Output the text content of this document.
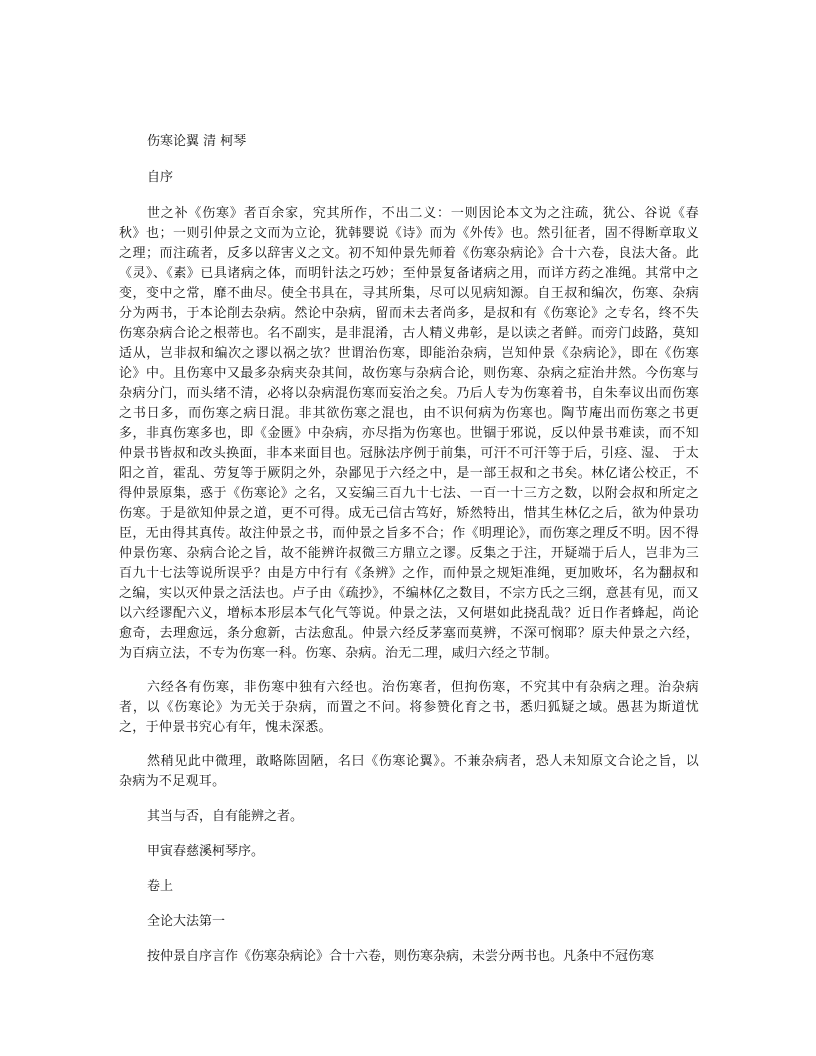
伤寒论翼 清 柯琴

自序

世之补《伤寒》者百余家，究其所作，不出二义：一则因论本文为之注疏，犹公、谷说《春秋》也；一则引仲景之文而为立论，犹韩婴说《诗》而为《外传》也。然引征者，固不得断章取义之理；而注疏者，反多以辞害义之文。初不知仲景先师着《伤寒杂病论》合十六卷，良法大备。此《灵》、《素》已具诸病之体，而明针法之巧妙；至仲景复备诸病之用，而详方药之准绳。其常中之变，变中之常，靡不曲尽。使全书具在，寻其所集，尽可以见病知源。自王叔和编次，伤寒、杂病分为两书，于本论削去杂病。然论中杂病，留而未去者尚多，是叔和有《伤寒论》之专名，终不失伤寒杂病合论之根蒂也。名不副实，是非混淆，古人精义弗彰，是以读之者鲜。而旁门歧路，莫知适从，岂非叔和编次之谬以祸之欤？世谓治伤寒，即能治杂病，岂知仲景《杂病论》，即在《伤寒论》中。且伤寒中又最多杂病夹杂其间，故伤寒与杂病合论，则伤寒、杂病之症治井然。今伤寒与杂病分门，而头绪不清，必将以杂病混伤寒而妄治之矣。乃后人专为伤寒着书，自朱奉议出而伤寒之书日多，而伤寒之病日混。非其欲伤寒之混也，由不识何病为伤寒也。陶节庵出而伤寒之书更多，非真伤寒多也，即《金匮》中杂病，亦尽指为伤寒也。世锢于邪说，反以仲景书难读，而不知仲景书皆叔和改头换面，非本来面目也。冠脉法序例于前集，可汗不可汗等于后，引痉、湿、 于太阳之首，霍乱、劳复等于厥阴之外，杂鄙见于六经之中，是一部王叔和之书矣。林亿诸公校正，不得仲景原集，惑于《伤寒论》之名，又妄编三百九十七法、一百一十三方之数，以附会叔和所定之伤寒。于是欲知仲景之道，更不可得。成无己信古笃好，矫然特出，惜其生林亿之后，欲为仲景功臣，无由得其真传。故注仲景之书，而仲景之旨多不合；作《明理论》，而伤寒之理反不明。因不得仲景伤寒、杂病合论之旨，故不能辨许叔微三方鼎立之谬。反集之于注，开疑端于后人，岂非为三百九十七法等说所误乎？由是方中行有《条辨》之作，而仲景之规矩准绳，更加败坏，名为翻叔和之编，实以灭仲景之活法也。卢子由《疏抄》，不编林亿之数目，不宗方氏之三纲，意甚有见，而又以六经谬配六义，增标本形层本气化气等说。仲景之法，又何堪如此挠乱哉？近日作者蜂起，尚论愈奇，去理愈远，条分愈新，古法愈乱。仲景六经反茅塞而莫辨，不深可悯耶？原夫仲景之六经，为百病立法，不专为伤寒一科。伤寒、杂病。治无二理，咸归六经之节制。

六经各有伤寒，非伤寒中独有六经也。治伤寒者，但拘伤寒，不究其中有杂病之理。治杂病者，以《伤寒论》为无关于杂病，而置之不问。将参赞化育之书，悉归狐疑之域。愚甚为斯道忧之，于仲景书究心有年，愧未深悉。

然稍见此中微理，敢略陈固陋，名曰《伤寒论翼》。不兼杂病者，恐人未知原文合论之旨，以杂病为不足观耳。

其当与否，自有能辨之者。

甲寅春慈溪柯琴序。

卷上

全论大法第一

按仲景自序言作《伤寒杂病论》合十六卷，则伤寒杂病，未尝分两书也。凡条中不冠伤寒
